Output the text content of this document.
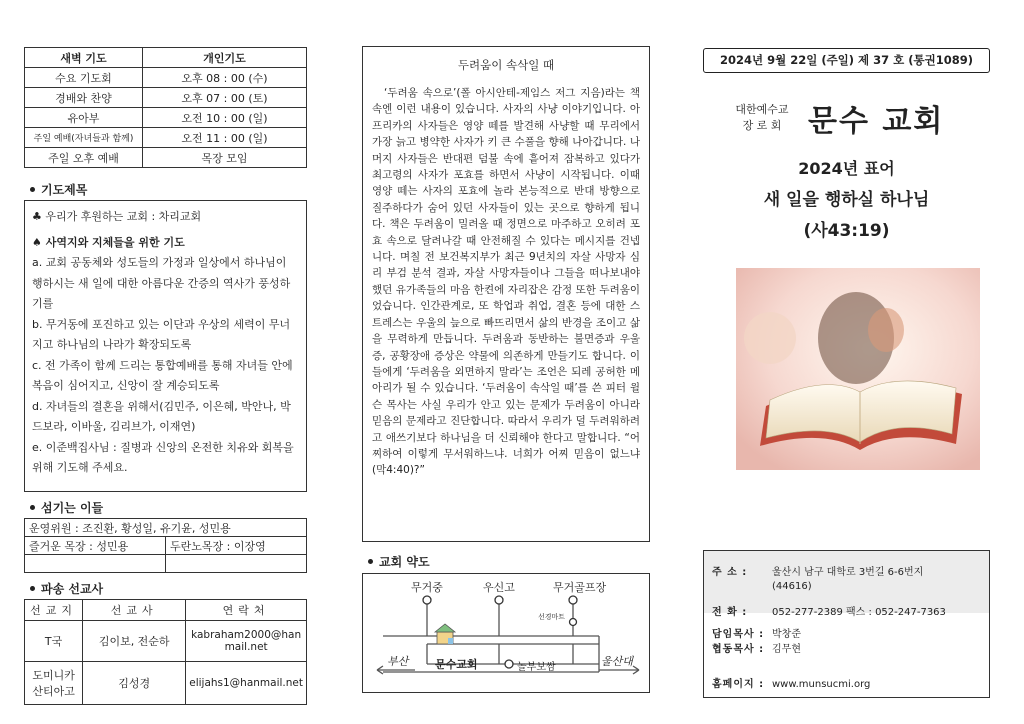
새벽 기도	개인기도
수요 기도회	오후 08 : 00 (수)
경배와 찬양	오후 07 : 00 (토)
유아부	오전 10 : 00 (일)
주일 예배(자녀들과 함께)	오전 11 : 00 (일)
주일 오후 예배	목장 모임
기도제목

♣ 우리가 후원하는 교회 : 차리교회

♠ 사역지와 지체들을 위한 기도

a. 교회 공동체와 성도들의 가정과 일상에서 하나님이 행하시는 새 일에 대한 아름다운 간증의 역사가 풍성하기를

b. 무거동에 포진하고 있는 이단과 우상의 세력이 무너지고 하나님의 나라가 확장되도록

c. 전 가족이 함께 드리는 통합예배를 통해 자녀들 안에 복음이 심어지고, 신앙이 잘 계승되도록

d. 자녀들의 결혼을 위해서(김민주, 이은혜, 박안나, 박드보라, 이바울, 김리브가, 이재연)

e. 이준백집사님 : 질병과 신앙의 온전한 치유와 회복을 위해 기도해 주세요.

섬기는 이들
운영위원 : 조진환, 황성일, 유기윤, 성민용	
즐거운 목장 : 성민용	두란노목장 : 이장영

파송 선교사
선교지	선교사	연락처
T국	김이보, 전순하	kabraham2000@hanmail.net
도미니카 산티아고	김성경	elijahs1@hanmail.net
두려움이 속삭일 때

‘두려움 속으로’(폴 아시안테-제임스 저그 지음)라는 책 속엔 이런 내용이 있습니다. 사자의 사냥 이야기입니다. 아프리카의 사자들은 영양 떼를 발견해 사냥할 때 무리에서 가장 늙고 병약한 사자가 키 큰 수풀을 향해 나아갑니다. 나머지 사자들은 반대편 덤불 속에 흩어져 잠복하고 있다가 최고령의 사자가 포효를 하면서 사냥이 시작됩니다. 이때 영양 떼는 사자의 포효에 놀라 본능적으로 반대 방향으로 질주하다가 숨어 있던 사자들이 있는 곳으로 향하게 됩니다. 책은 두려움이 밀려올 때 정면으로 마주하고 오히려 포효 속으로 달려나갈 때 안전해질 수 있다는 메시지를 건넵니다. 며칠 전 보건복지부가 최근 9년치의 자살 사망자 심리 부검 분석 결과, 자살 사망자들이나 그들을 떠나보내야 했던 유가족들의 마음 한켠에 자리잡은 감정 또한 두려움이었습니다. 인간관계로, 또 학업과 취업, 결혼 등에 대한 스트레스는 우울의 늪으로 빠뜨리면서 삶의 반경을 조이고 삶을 무력하게 만듭니다. 두려움과 동반하는 불면증과 우울증, 공황장애 증상은 약물에 의존하게 만들기도 합니다. 이들에게 ‘두려움을 외면하지 말라’는 조언은 되레 공허한 메아리가 될 수 있습니다. ‘두려움이 속삭일 때’를 쓴 피터 윌슨 목사는 사실 우리가 안고 있는 문제가 두려움이 아니라 믿음의 문제라고 진단합니다. 따라서 우리가 덜 두려워하려고 애쓰기보다 하나님을 더 신뢰해야 한다고 말합니다. “어찌하여 이렇게 무서워하느냐. 너희가 어찌 믿음이 없느냐(막4:40)?”

교회 약도
무거중	우신고	무거골프장
선경마트
부산 문수교회	놀부보쌈	울산대
2024년 9월 22일 (주일) 제 37 호 (통권1089)
대한예수교
장 로 회 문수 교회
2024년 표어
새 일을 행하실 하나님
(사43:19)
주 소 : 울산시 남구 대학로 3번길 6-6번지
(44616)
전 화 : 052-277-2389 팩스 : 052-247-7363
담임목사 : 박창준
협동목사 : 김무현
홈페이지 : www.munsucmi.org
